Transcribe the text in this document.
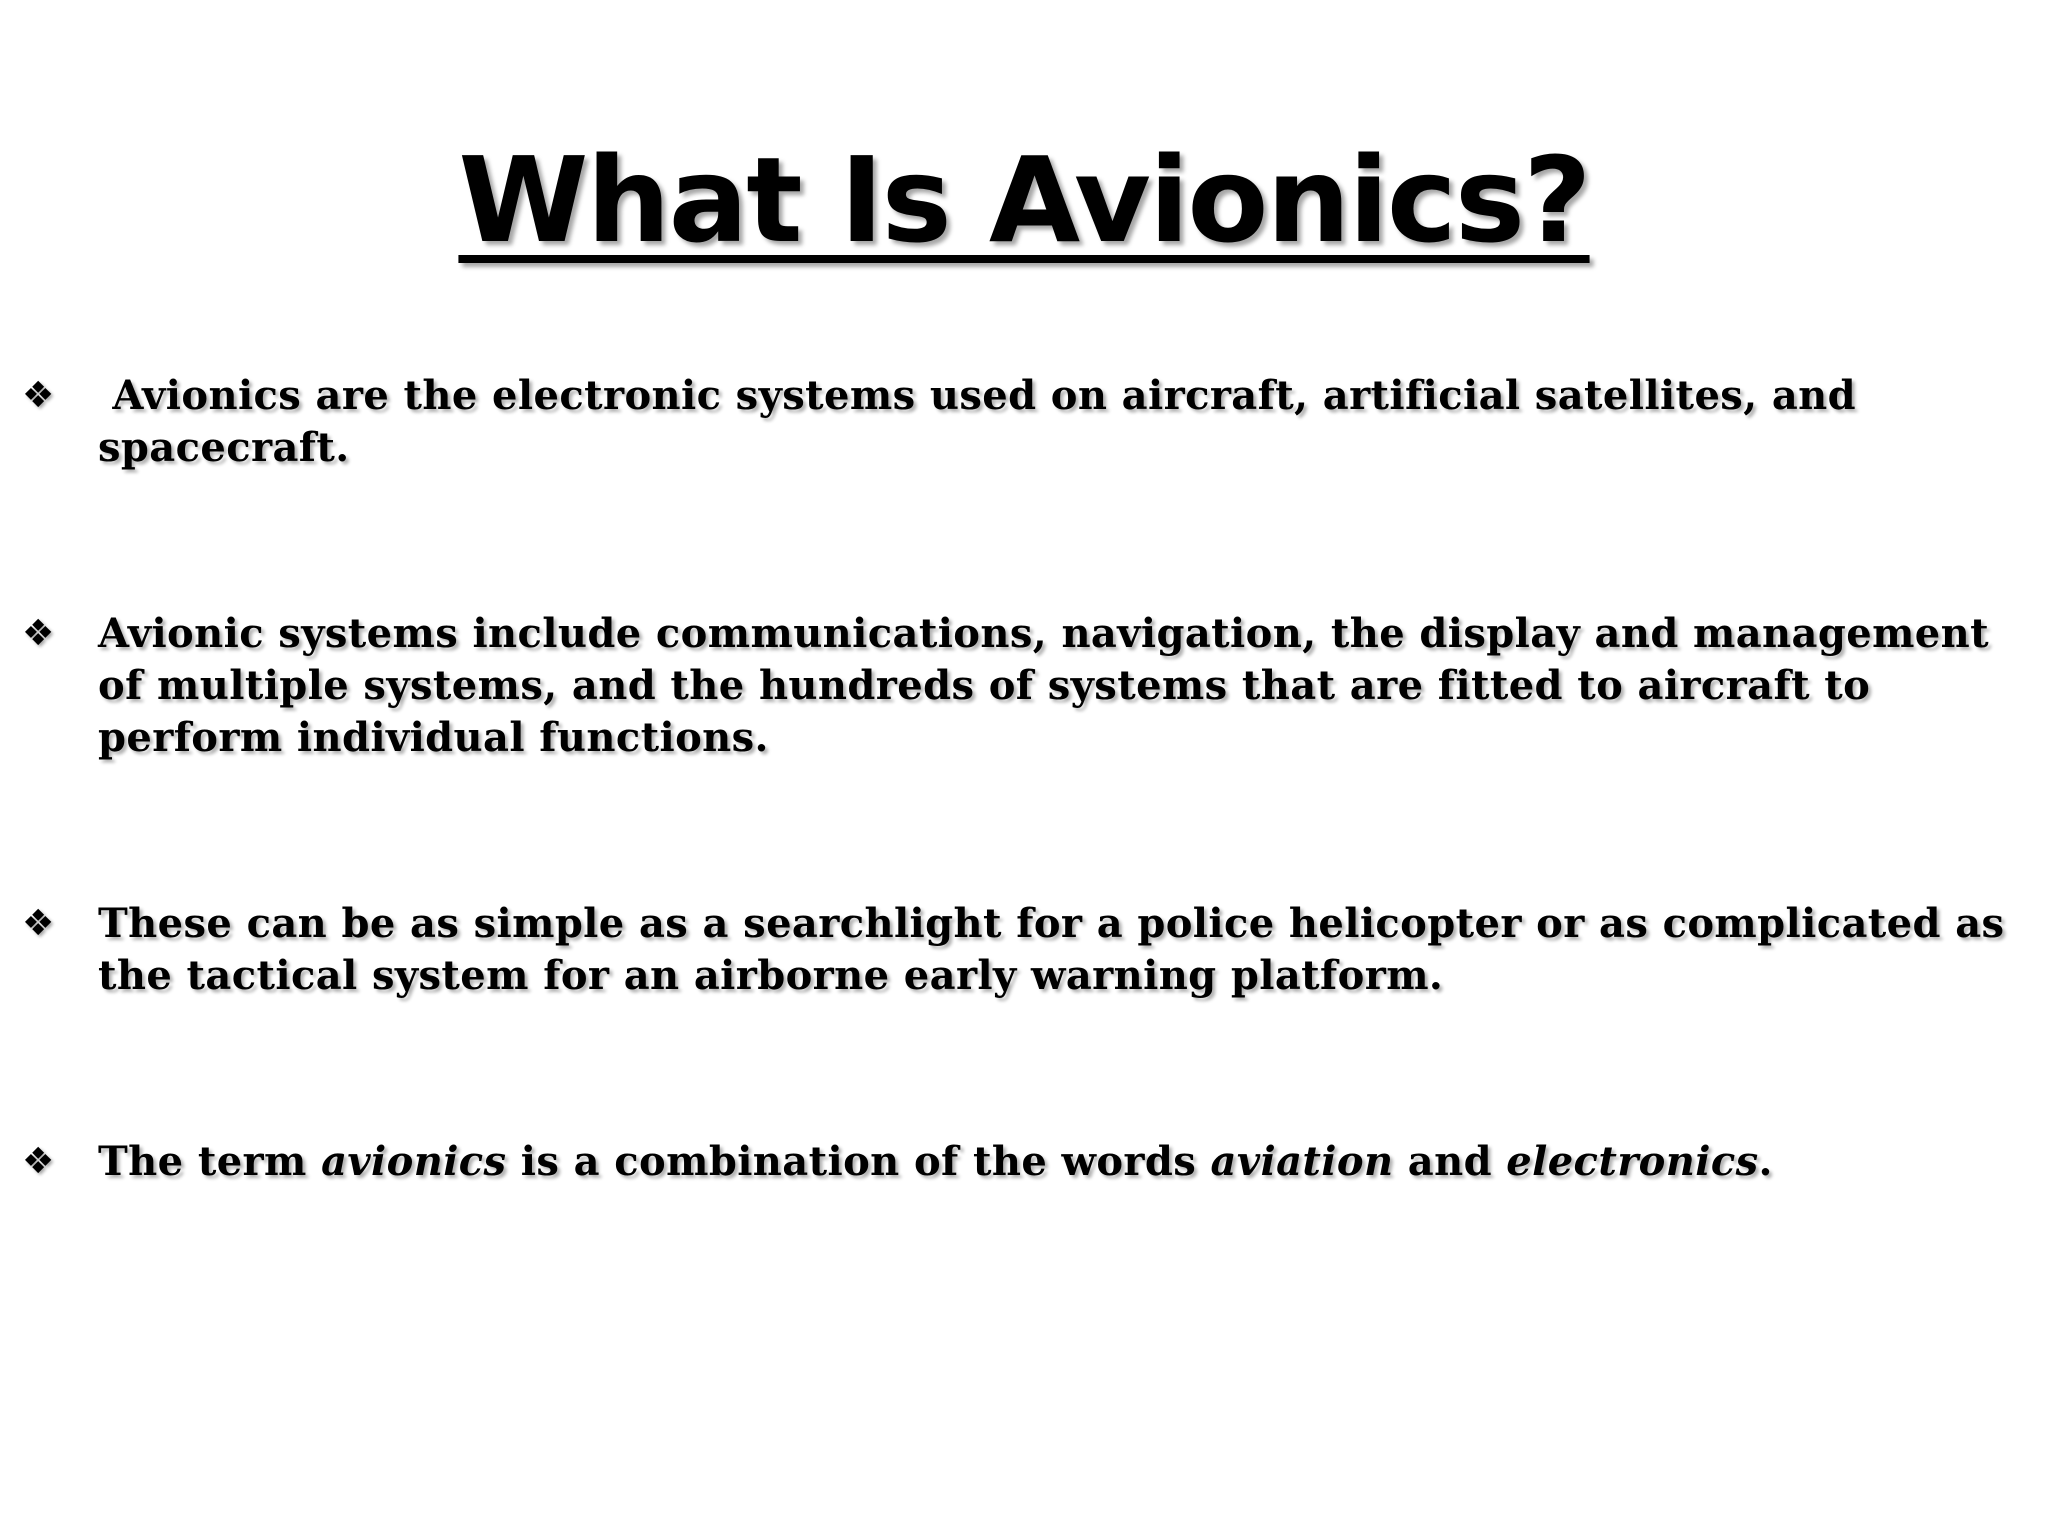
What Is Avionics?
❖	Avionics are the electronic systems used on aircraft, artificial satellites, and spacecraft.
❖	Avionic systems include communications, navigation, the display and management of multiple systems, and the hundreds of systems that are fitted to aircraft to perform individual functions.
❖	These can be as simple as a searchlight for a police helicopter or as complicated as the tactical system for an airborne early warning platform.
❖	The term avionics is a combination of the words aviation and electronics.
